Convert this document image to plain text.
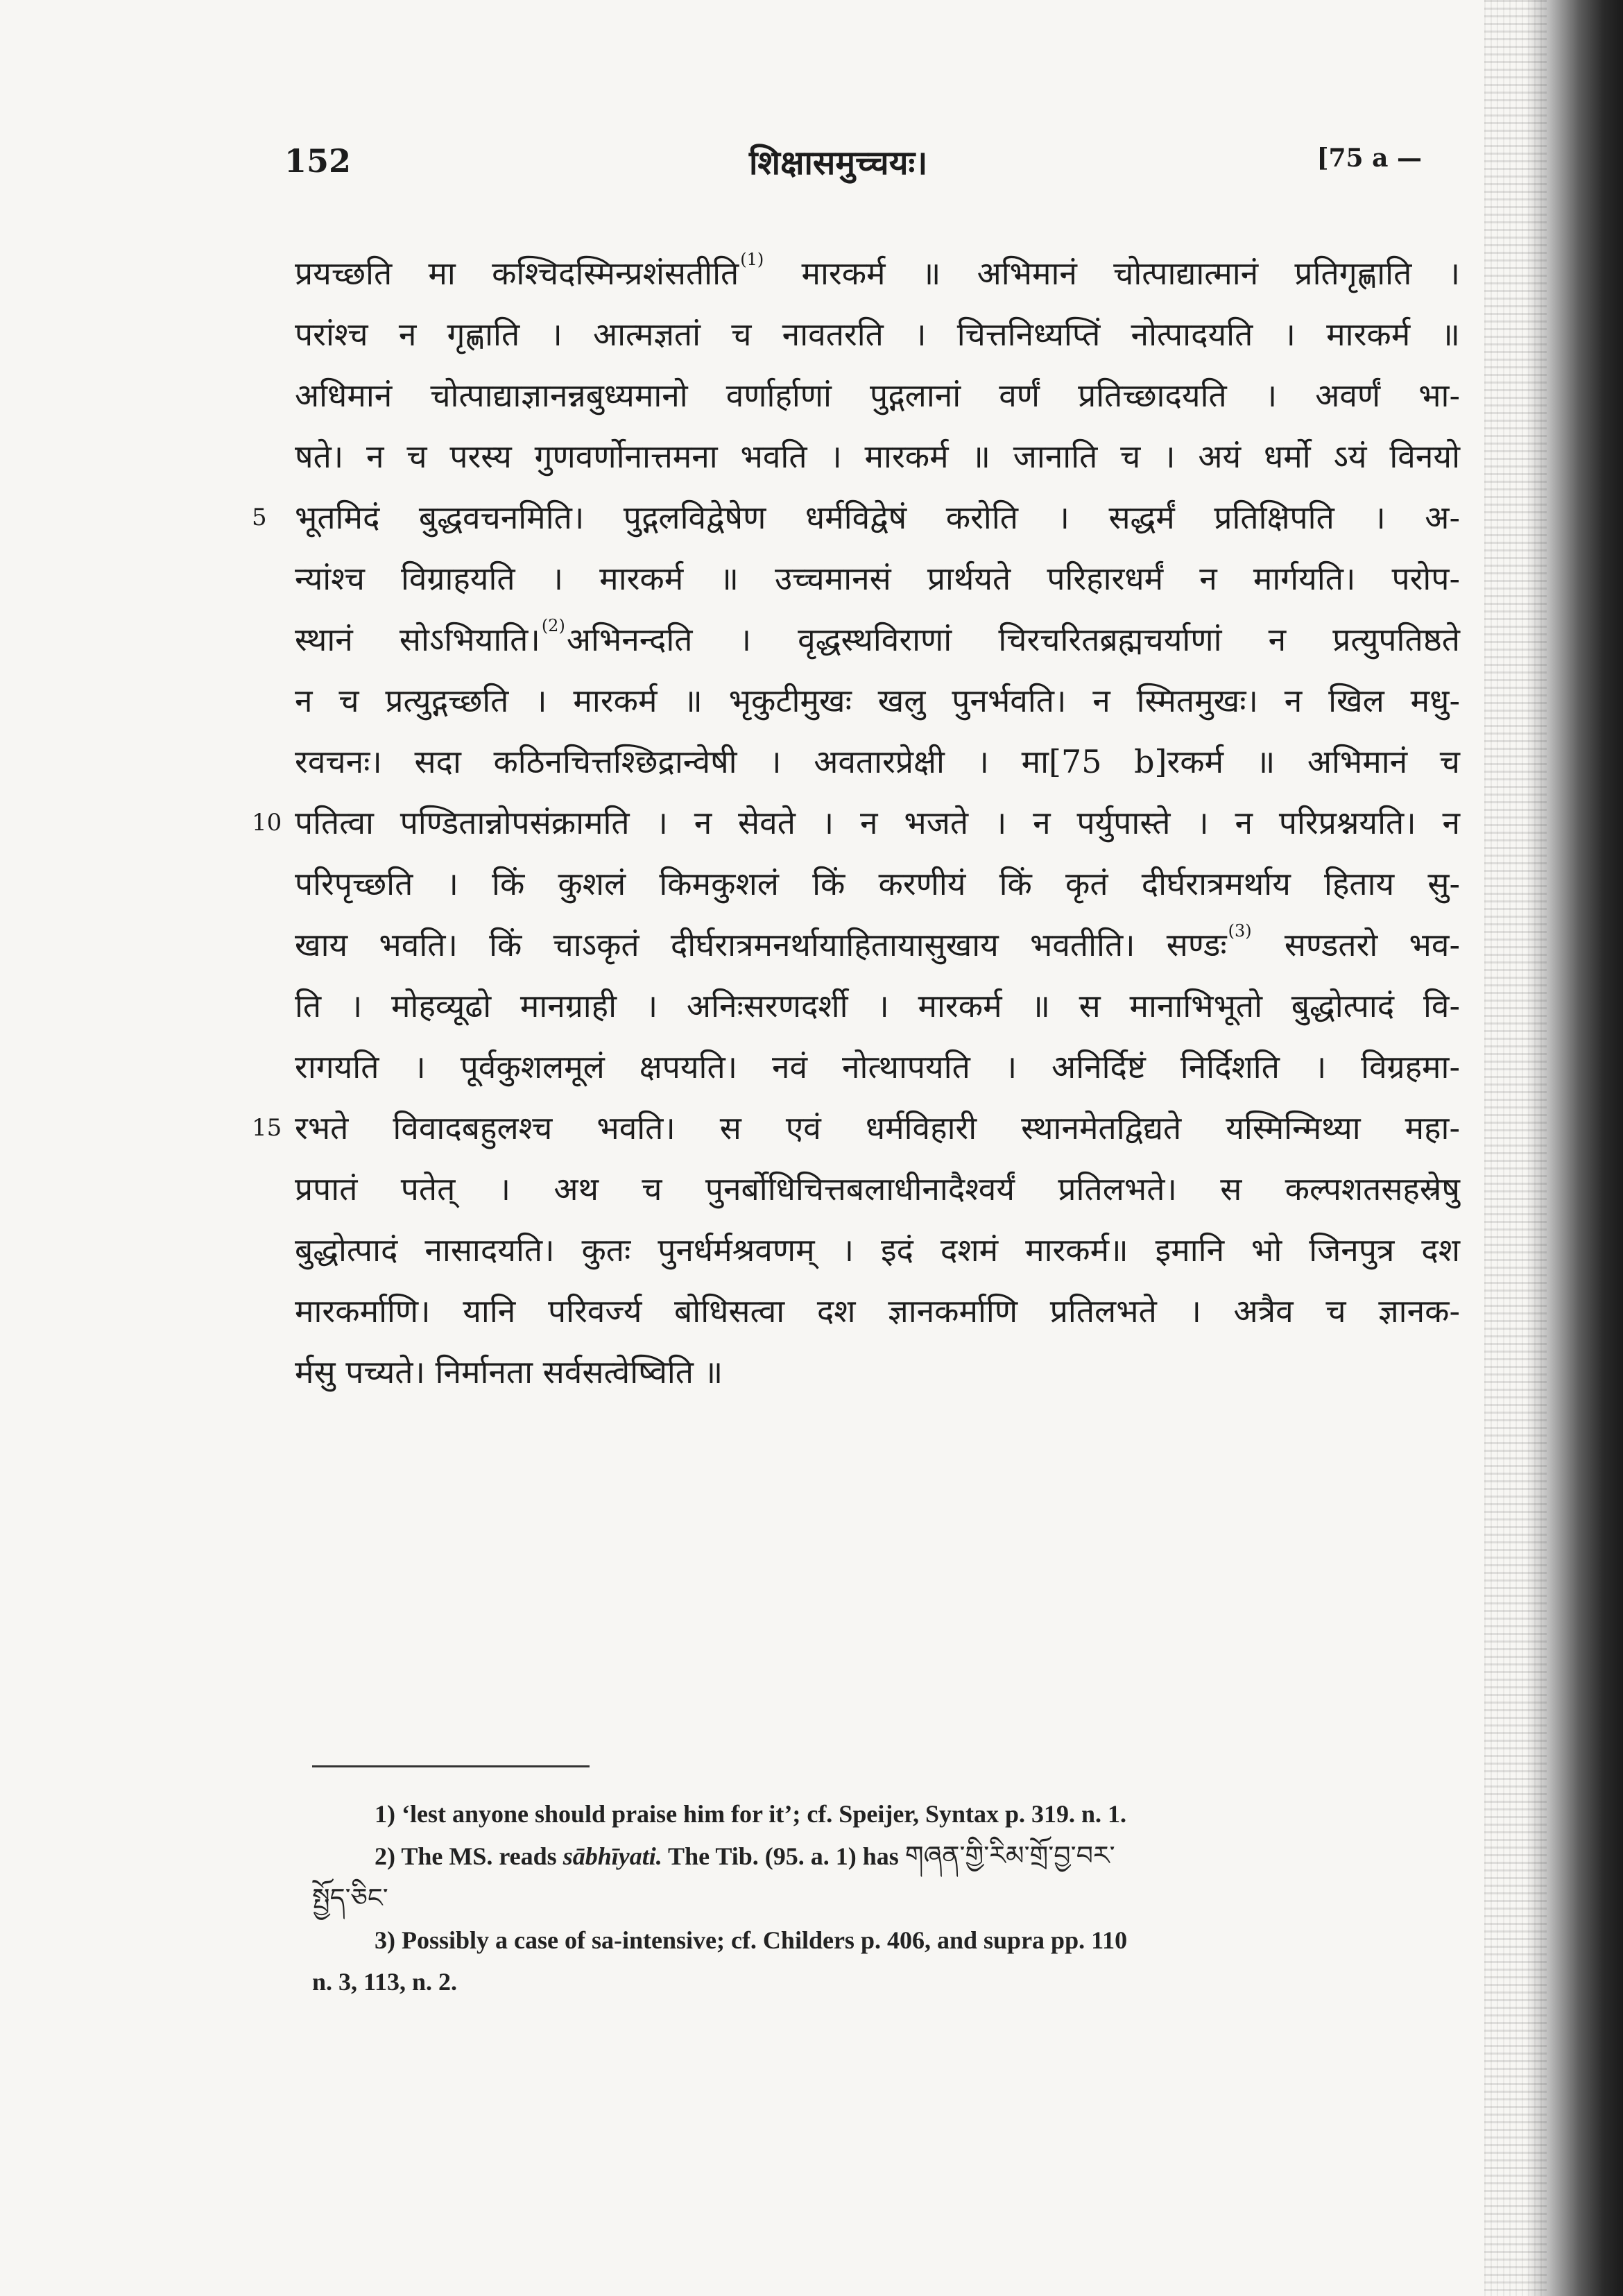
152	शिक्षासमुच्चयः।	[75 a —
प्रयच्छति मा कश्चिदस्मिन्प्रशंसतीति$^{(1)}$ मारकर्म ॥ अभिमानं चोत्पाद्यात्मानं प्रतिगृह्णाति ।
परांश्च न गृह्णाति । आत्मज्ञतां च नावतरति । चित्तनिध्यप्तिं नोत्पादयति । मारकर्म ॥
अधिमानं चोत्पाद्याज्ञानन्नबुध्यमानो वर्णार्हाणां पुद्गलानां वर्णं प्रतिच्छादयति । अवर्णं भा-
षते। न च परस्य गुणवर्णोनात्तमना भवति । मारकर्म ॥ जानाति च । अयं धर्मो ऽयं विनयो
5 भूतमिदं बुद्धवचनमिति। पुद्गलविद्वेषेण धर्मविद्वेषं करोति । सद्धर्मं प्रतिक्षिपति । अ-
न्यांश्च विग्राहयति । मारकर्म ॥ उच्चमानसं प्रार्थयते परिहारधर्मं न मार्गयति। परोप-
स्थानं सोऽभियाति।$^{(2)}$अभिनन्दति । वृद्धस्थविराणां चिरचरितब्रह्मचर्याणां न प्रत्युपतिष्ठते
न च प्रत्युद्गच्छति । मारकर्म ॥ भृकुटीमुखः खलु पुनर्भवति। न स्मितमुखः। न खिल मधु-
रवचनः। सदा कठिनचित्तश्छिद्रान्वेषी । अवतारप्रेक्षी । मा[75 b]रकर्म ॥ अभिमानं च
10 पतित्वा पण्डितान्नोपसंक्रामति । न सेवते । न भजते । न पर्युपास्ते । न परिप्रश्नयति। न
परिपृच्छति । किं कुशलं किमकुशलं किं करणीयं किं कृतं दीर्घरात्रमर्थाय हिताय सु-
खाय भवति। किं चाऽकृतं दीर्घरात्रमनर्थायाहितायासुखाय भवतीति। सण्डः$^{(3)}$ सण्डतरो भव-
ति । मोहव्यूढो मानग्राही । अनिःसरणदर्शी । मारकर्म ॥ स मानाभिभूतो बुद्धोत्पादं वि-
रागयति । पूर्वकुशलमूलं क्षपयति। नवं नोत्थापयति । अनिर्दिष्टं निर्दिशति । विग्रहमा-
15 रभते विवादबहुलश्च भवति। स एवं धर्मविहारी स्थानमेतद्विद्यते यस्मिन्मिथ्या महा-
प्रपातं पतेत् । अथ च पुनर्बोधिचित्तबलाधीनादैश्वर्यं प्रतिलभते। स कल्पशतसहस्रेषु
बुद्धोत्पादं नासादयति। कुतः पुनर्धर्मश्रवणम् । इदं दशमं मारकर्म॥ इमानि भो जिनपुत्र दश
मारकर्माणि। यानि परिवर्ज्य बोधिसत्वा दश ज्ञानकर्माणि प्रतिलभते । अत्रैव च ज्ञानक-
र्मसु पच्यते। निर्मानता सर्वसत्वेष्विति ॥
1) ‘lest anyone should praise him for it’; cf. Speijer, Syntax p. 319. n. 1.
2) The MS. reads sābhīyati. The Tib. (95. a. 1) has གཞན་གྱི་རིམ་གྲོ་བྱ་བར་
སྤྱོད་ཅིང་
3) Possibly a case of sa-intensive; cf. Childers p. 406, and supra pp. 110
n. 3, 113, n. 2.
